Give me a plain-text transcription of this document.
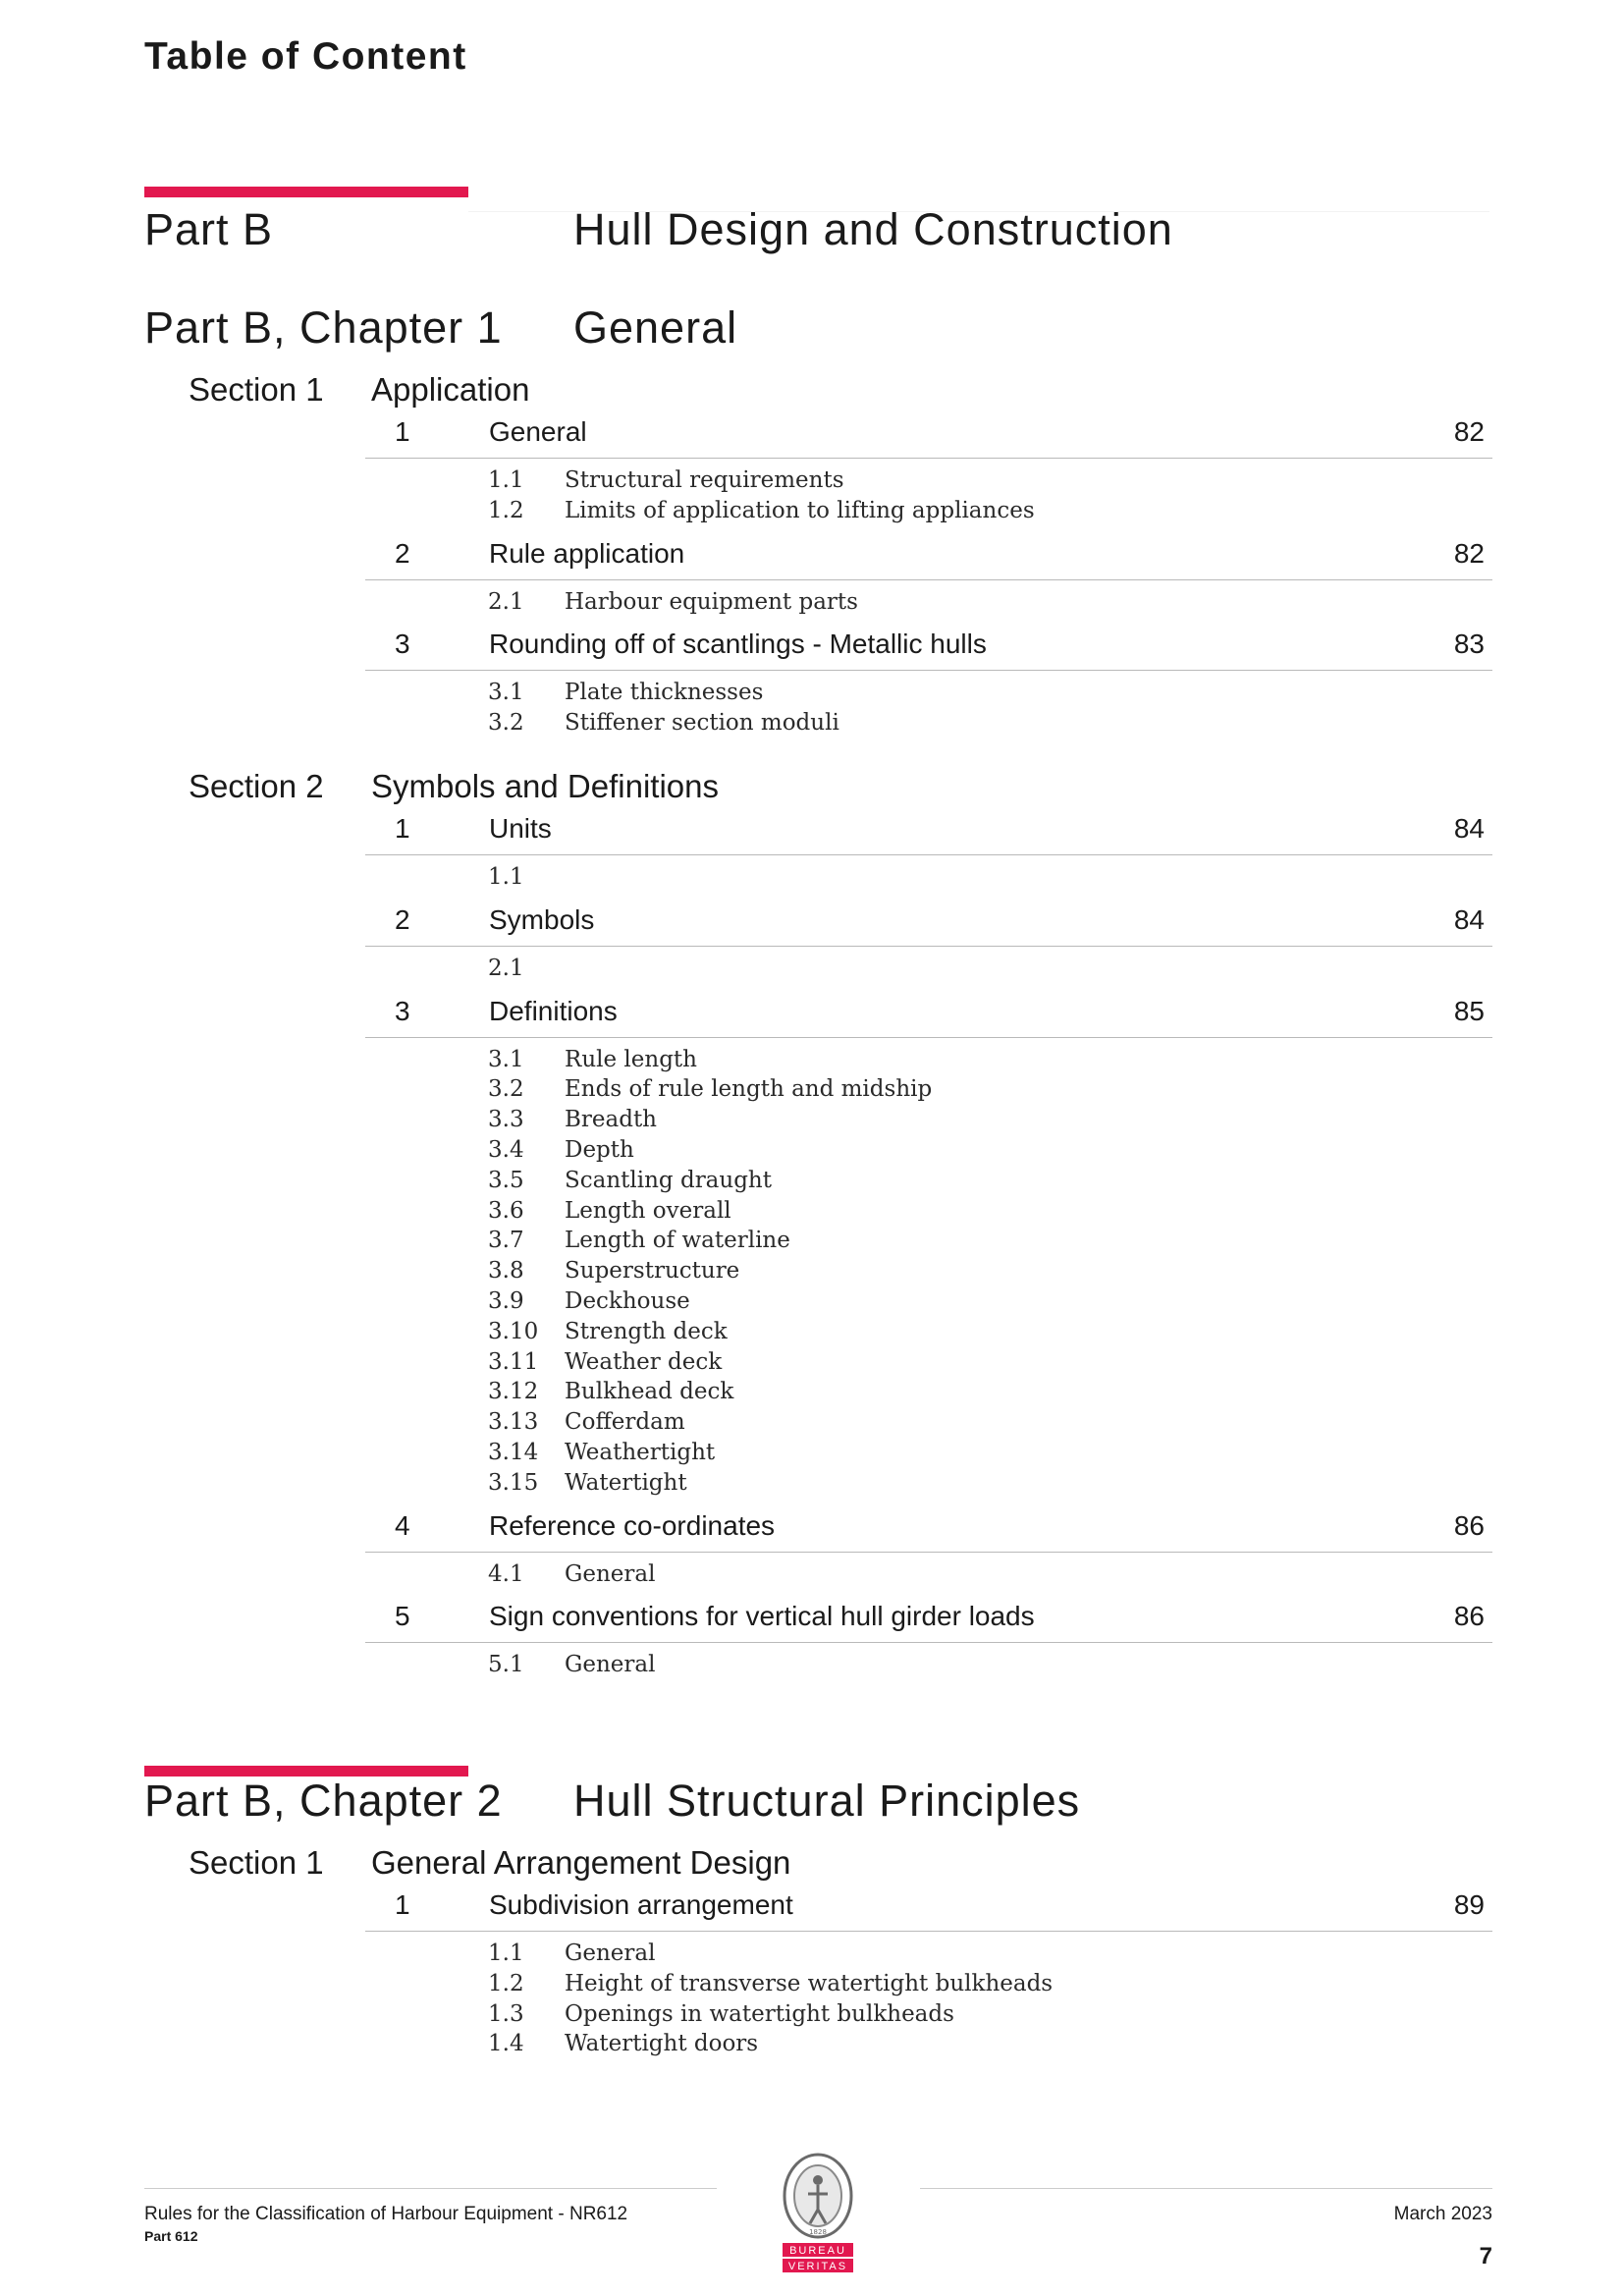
Table of Content
Part B	Hull Design and Construction
Part B, Chapter 1 General
Section 1 Application
1	General	82
1.1 Structural requirements
1.2 Limits of application to lifting appliances
2	Rule application	82
2.1 Harbour equipment parts
3	Rounding off of scantlings - Metallic hulls	83
3.1 Plate thicknesses
3.2 Stiffener section moduli
Section 2 Symbols and Definitions
1	Units	84
1.1
2	Symbols	84
2.1
3	Definitions	85
3.1 Rule length
3.2 Ends of rule length and midship
3.3 Breadth
3.4 Depth
3.5 Scantling draught
3.6 Length overall
3.7 Length of waterline
3.8 Superstructure
3.9 Deckhouse
3.10 Strength deck
3.11 Weather deck
3.12 Bulkhead deck
3.13 Cofferdam
3.14 Weathertight
3.15 Watertight
4	Reference co-ordinates	86
4.1 General
5	Sign conventions for vertical hull girder loads	86
5.1 General
Part B, Chapter 2 Hull Structural Principles
Section 1 General Arrangement Design
1	Subdivision arrangement	89
1.1 General
1.2 Height of transverse watertight bulkheads
1.3 Openings in watertight bulkheads
1.4 Watertight doors
Rules for the Classification of Harbour Equipment - NR612
Part 612
March 2023
7
1828
BUREAU
VERITAS
